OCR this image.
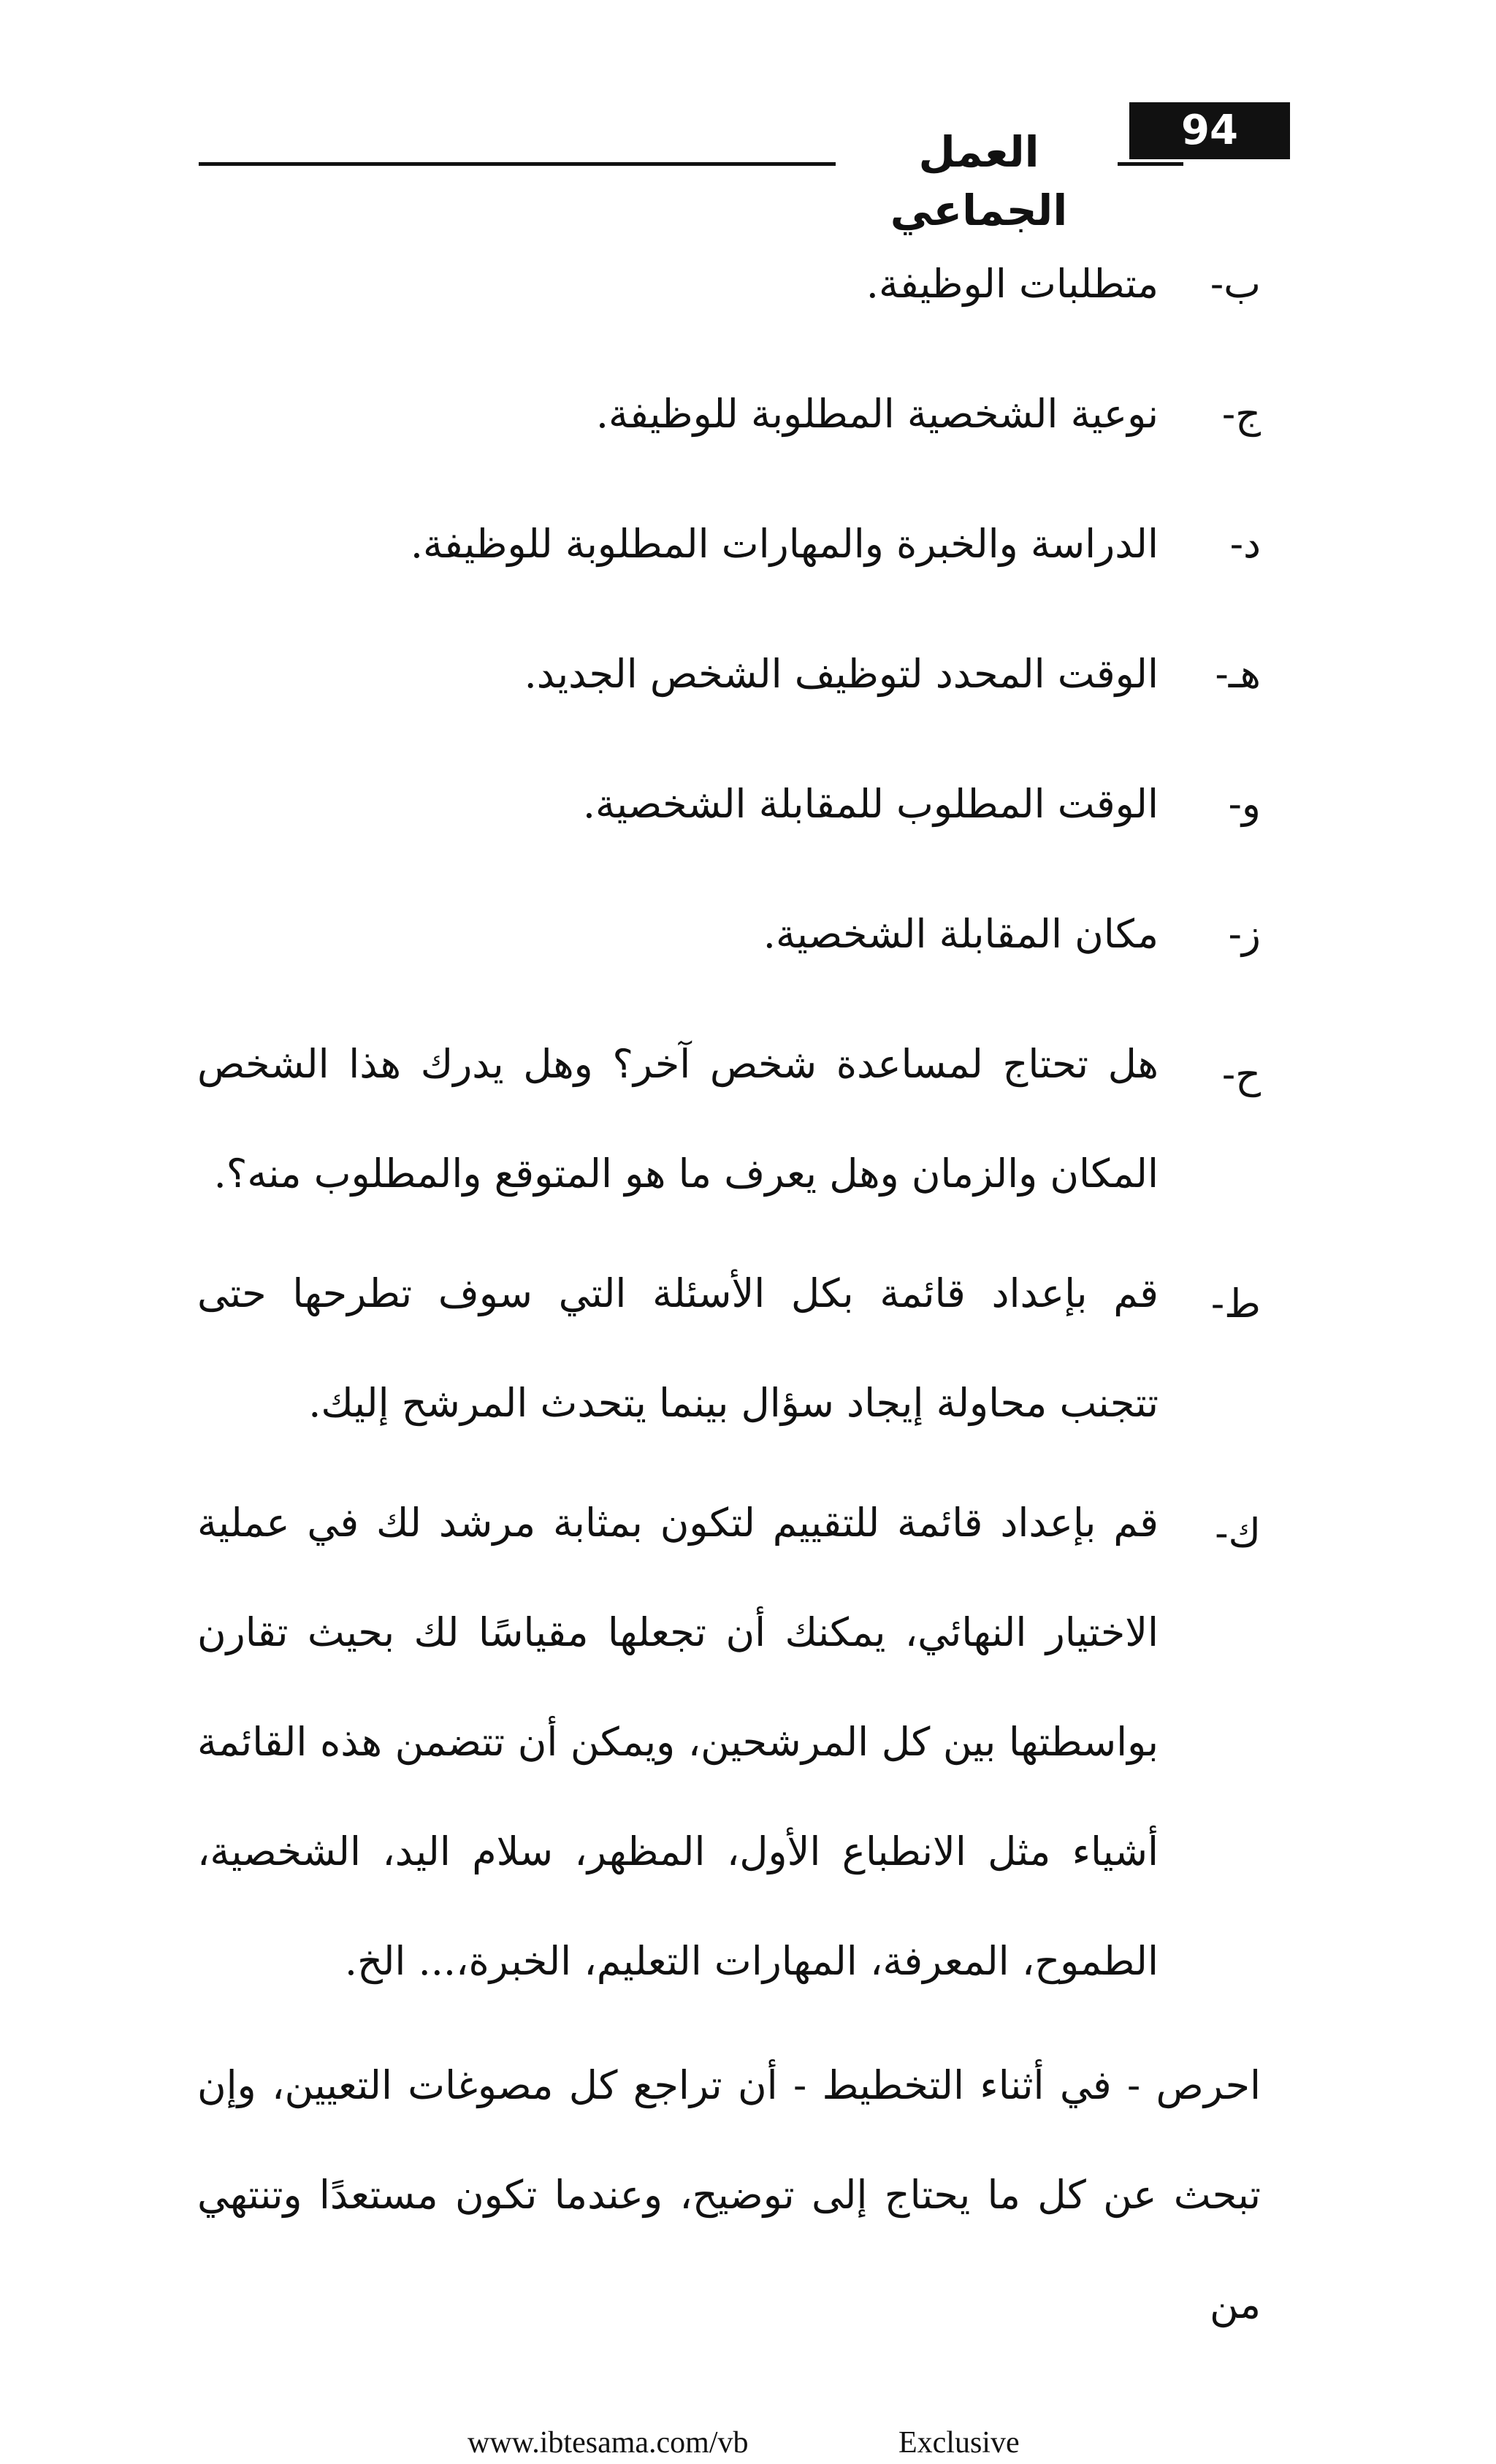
العمل الجماعي
94
ب-
متطلبات الوظيفة.
ج-
نوعية الشخصية المطلوبة للوظيفة.
د-
الدراسة والخبرة والمهارات المطلوبة للوظيفة.
هـ-
الوقت المحدد لتوظيف الشخص الجديد.
و-
الوقت المطلوب للمقابلة الشخصية.
ز-
مكان المقابلة الشخصية.
ح-
هل تحتاج لمساعدة شخص آخر؟ وهل يدرك هذا الشخص المكان والزمان وهل يعرف ما هو المتوقع والمطلوب منه؟.
ط-
قم بإعداد قائمة بكل الأسئلة التي سوف تطرحها حتى تتجنب محاولة إيجاد سؤال بينما يتحدث المرشح إليك.
ك-
قم بإعداد قائمة للتقييم لتكون بمثابة مرشد لك في عملية الاختيار النهائي، يمكنك أن تجعلها مقياسًا لك بحيث تقارن بواسطتها بين كل المرشحين، ويمكن أن تتضمن هذه القائمة أشياء مثل الانطباع الأول، المظهر، سلام اليد، الشخصية، الطموح، المعرفة، المهارات التعليم، الخبرة،... الخ.
احرص - في أثناء التخطيط - أن تراجع كل مصوغات التعيين، وإن تبحث عن كل ما يحتاج إلى توضيح، وعندما تكون مستعدًا وتنتهي من
www.ibtesama.com/vb	Exclusive
